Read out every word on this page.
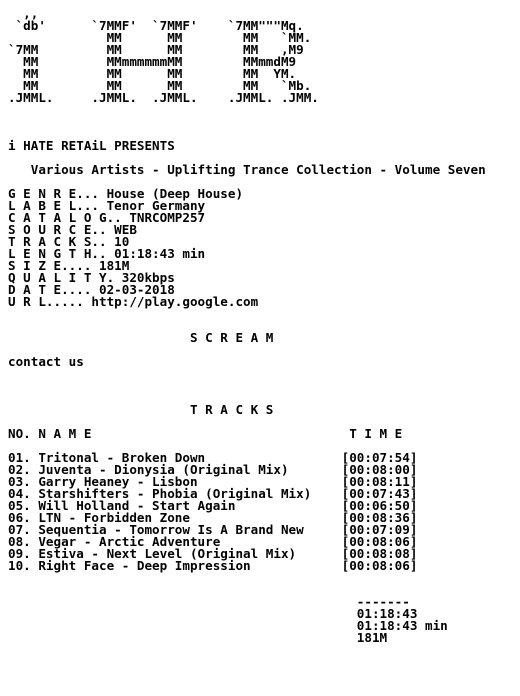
,,
`db'      `7MMF'  `7MMF'    `7MM"""Mq.
MM      MM        MM   `MM.
`7MM         MM      MM        MM   ,M9
MM         MMmmmmmmMM        MMmmdM9
MM         MM      MM        MM  YM.
MM         MM      MM        MM   `Mb.
.JMML.     .JMML.  .JMML.    .JMML. .JMM.

i HATE RETAiL PRESENTS

Various Artists - Uplifting Trance Collection - Volume Seven

G E N R E... House (Deep House)
L A B E L... Tenor Germany
C A T A L O G.. TNRCOMP257
S O U R C E.. WEB
T R A C K S.. 10
L E N G T H.. 01:18:43 min
S I Z E.... 181M
Q U A L I T Y. 320kbps
D A T E.... 02-03-2018
U R L..... http://play.google.com

S C R E A M

contact us

T R A C K S

NO. N A M E                                  T I M E

01. Tritonal - Broken Down                  [00:07:54]
02. Juventa - Dionysia (Original Mix)       [00:08:00]
03. Garry Heaney - Lisbon                   [00:08:11]
04. Starshifters - Phobia (Original Mix)    [00:07:43]
05. Will Holland - Start Again              [00:06:50]
06. LTN - Forbidden Zone                    [00:08:36]
07. Sequentia - Tomorrow Is A Brand New     [00:07:09]
08. Vegar - Arctic Adventure                [00:08:06]
09. Estiva - Next Level (Original Mix)      [00:08:08]
10. Right Face - Deep Impression            [00:08:06]

-------
01:18:43
01:18:43 min
181M
